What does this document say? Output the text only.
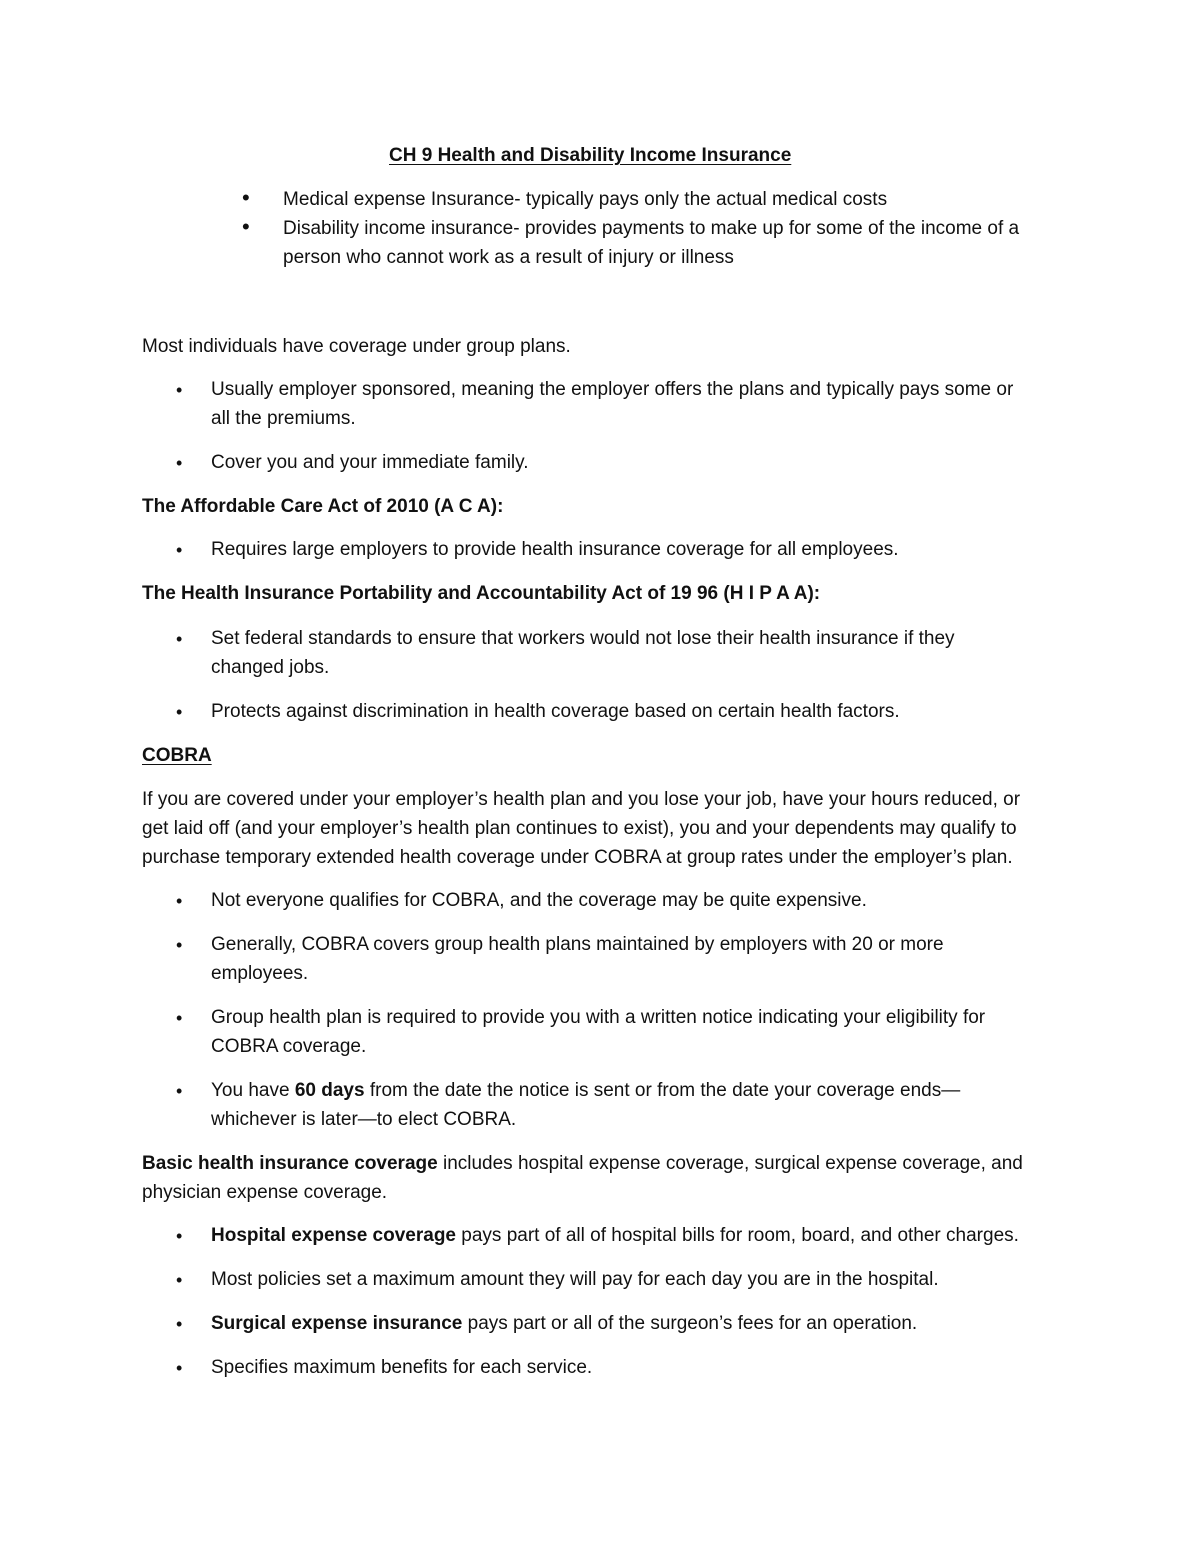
CH 9 Health and Disability Income Insurance
• Medical expense Insurance- typically pays only the actual medical costs
• Disability income insurance- provides payments to make up for some of the income of a
person who cannot work as a result of injury or illness
Most individuals have coverage under group plans.
• Usually employer sponsored, meaning the employer offers the plans and typically pays some or
all the premiums.
• Cover you and your immediate family.
The Affordable Care Act of 2010 (A C A):
• Requires large employers to provide health insurance coverage for all employees.
The Health Insurance Portability and Accountability Act of 19 96 (H I P A A):
• Set federal standards to ensure that workers would not lose their health insurance if they
changed jobs.
• Protects against discrimination in health coverage based on certain health factors.
COBRA
If you are covered under your employer’s health plan and you lose your job, have your hours reduced, or
get laid off (and your employer’s health plan continues to exist), you and your dependents may qualify to
purchase temporary extended health coverage under COBRA at group rates under the employer’s plan.
• Not everyone qualifies for COBRA, and the coverage may be quite expensive.
• Generally, COBRA covers group health plans maintained by employers with 20 or more
employees.
• Group health plan is required to provide you with a written notice indicating your eligibility for
COBRA coverage.
• You have 60 days from the date the notice is sent or from the date your coverage ends—
whichever is later—to elect COBRA.
Basic health insurance coverage includes hospital expense coverage, surgical expense coverage, and
physician expense coverage.
• Hospital expense coverage pays part of all of hospital bills for room, board, and other charges.
• Most policies set a maximum amount they will pay for each day you are in the hospital.
• Surgical expense insurance pays part or all of the surgeon’s fees for an operation.
• Specifies maximum benefits for each service.
